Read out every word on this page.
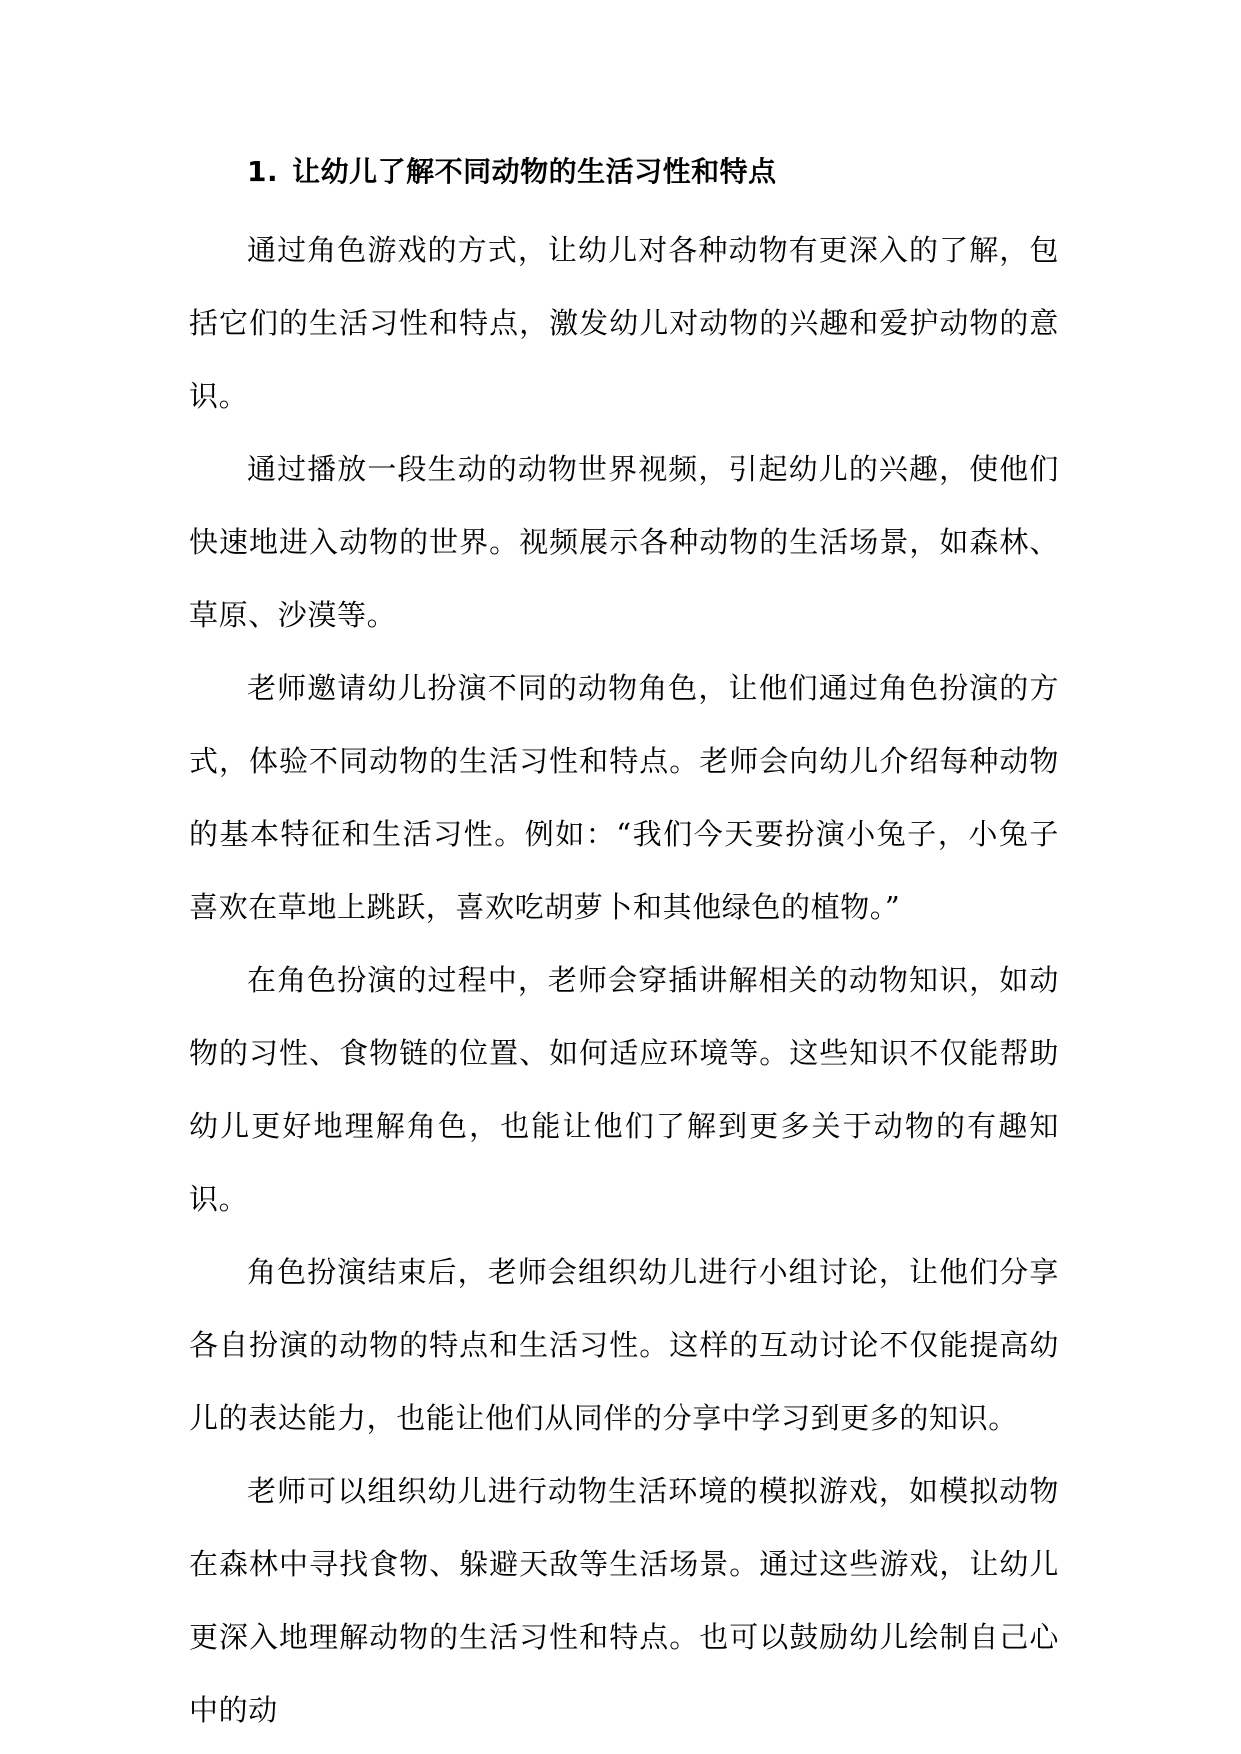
1. 让幼儿了解不同动物的生活习性和特点

通过角色游戏的方式，让幼儿对各种动物有更深入的了解，包括它们的生活习性和特点，激发幼儿对动物的兴趣和爱护动物的意识。

通过播放一段生动的动物世界视频，引起幼儿的兴趣，使他们快速地进入动物的世界。视频展示各种动物的生活场景，如森林、草原、沙漠等。

老师邀请幼儿扮演不同的动物角色，让他们通过角色扮演的方式，体验不同动物的生活习性和特点。老师会向幼儿介绍每种动物的基本特征和生活习性。例如：“我们今天要扮演小兔子，小兔子喜欢在草地上跳跃，喜欢吃胡萝卜和其他绿色的植物。”

在角色扮演的过程中，老师会穿插讲解相关的动物知识，如动物的习性、食物链的位置、如何适应环境等。这些知识不仅能帮助幼儿更好地理解角色，也能让他们了解到更多关于动物的有趣知识。

角色扮演结束后，老师会组织幼儿进行小组讨论，让他们分享各自扮演的动物的特点和生活习性。这样的互动讨论不仅能提高幼儿的表达能力，也能让他们从同伴的分享中学习到更多的知识。

老师可以组织幼儿进行动物生活环境的模拟游戏，如模拟动物在森林中寻找食物、躲避天敌等生活场景。通过这些游戏，让幼儿更深入地理解动物的生活习性和特点。也可以鼓励幼儿绘制自己心中的动
